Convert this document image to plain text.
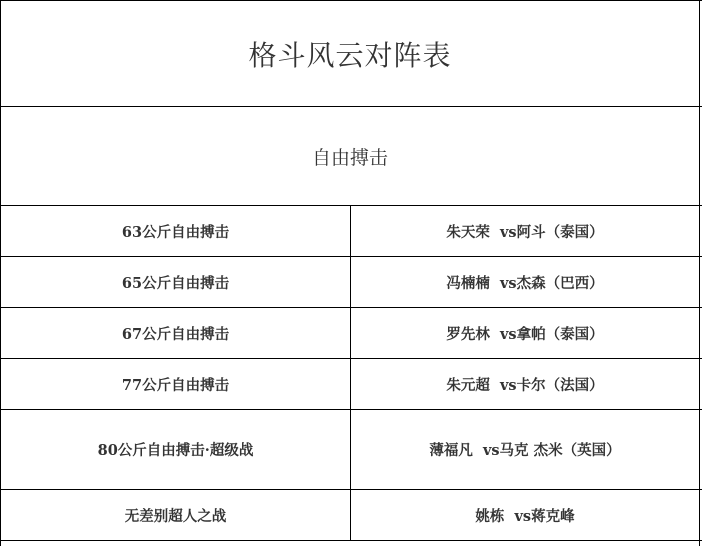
格斗风云对阵表
自由搏击
63公斤自由搏击	朱天荣  vs阿斗（泰国）
65公斤自由搏击	冯楠楠  vs杰森（巴西）
67公斤自由搏击	罗先林  vs拿帕（泰国）
77公斤自由搏击	朱元超  vs卡尔（法国）
80公斤自由搏击·超级战	薄福凡  vs马克 杰米（英国）
无差别超人之战	姚栋  vs蒋克峰
